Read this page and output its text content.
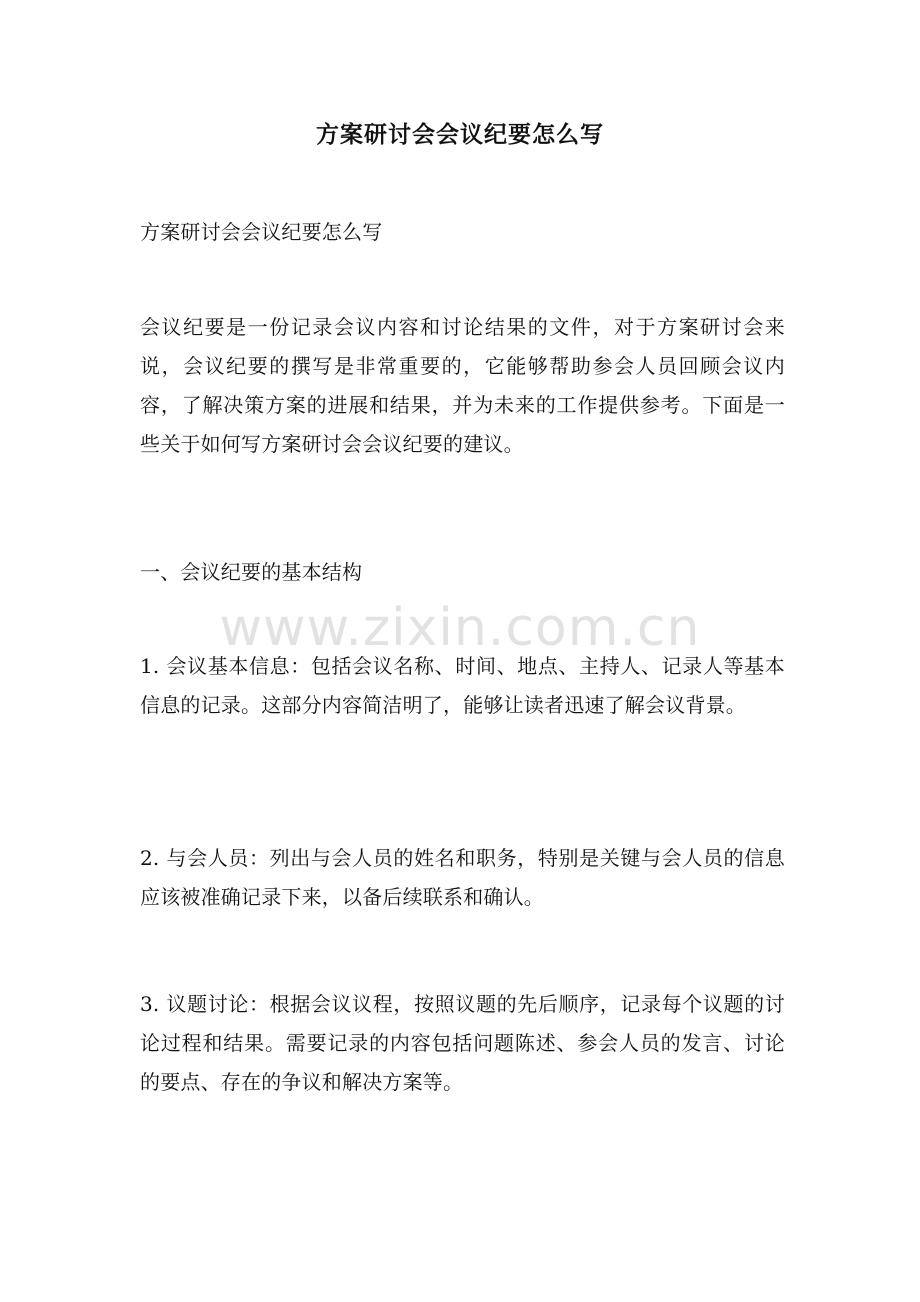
方案研讨会会议纪要怎么写

方案研讨会会议纪要怎么写

会议纪要是一份记录会议内容和讨论结果的文件，对于方案研讨会来说，会议纪要的撰写是非常重要的，它能够帮助参会人员回顾会议内容，了解决策方案的进展和结果，并为未来的工作提供参考。下面是一些关于如何写方案研讨会会议纪要的建议。

一、会议纪要的基本结构

1. 会议基本信息：包括会议名称、时间、地点、主持人、记录人等基本信息的记录。这部分内容简洁明了，能够让读者迅速了解会议背景。

2. 与会人员：列出与会人员的姓名和职务，特别是关键与会人员的信息应该被准确记录下来，以备后续联系和确认。

3. 议题讨论：根据会议议程，按照议题的先后顺序，记录每个议题的讨论过程和结果。需要记录的内容包括问题陈述、参会人员的发言、讨论的要点、存在的争议和解决方案等。

www.zixin.com.cn
